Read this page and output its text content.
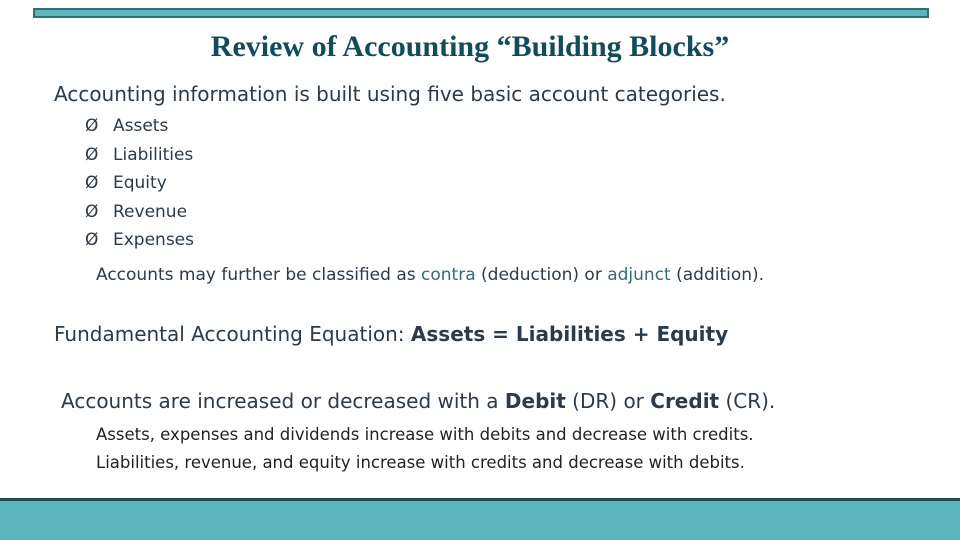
Review of Accounting “Building Blocks”

Accounting information is built using five basic account categories.

Ø Assets
Ø Liabilities
Ø Equity
Ø Revenue
Ø Expenses

Accounts may further be classified as contra (deduction) or adjunct (addition).

Fundamental Accounting Equation: Assets = Liabilities + Equity

Accounts are increased or decreased with a Debit (DR) or Credit (CR).

Assets, expenses and dividends increase with debits and decrease with credits.

Liabilities, revenue, and equity increase with credits and decrease with debits.
